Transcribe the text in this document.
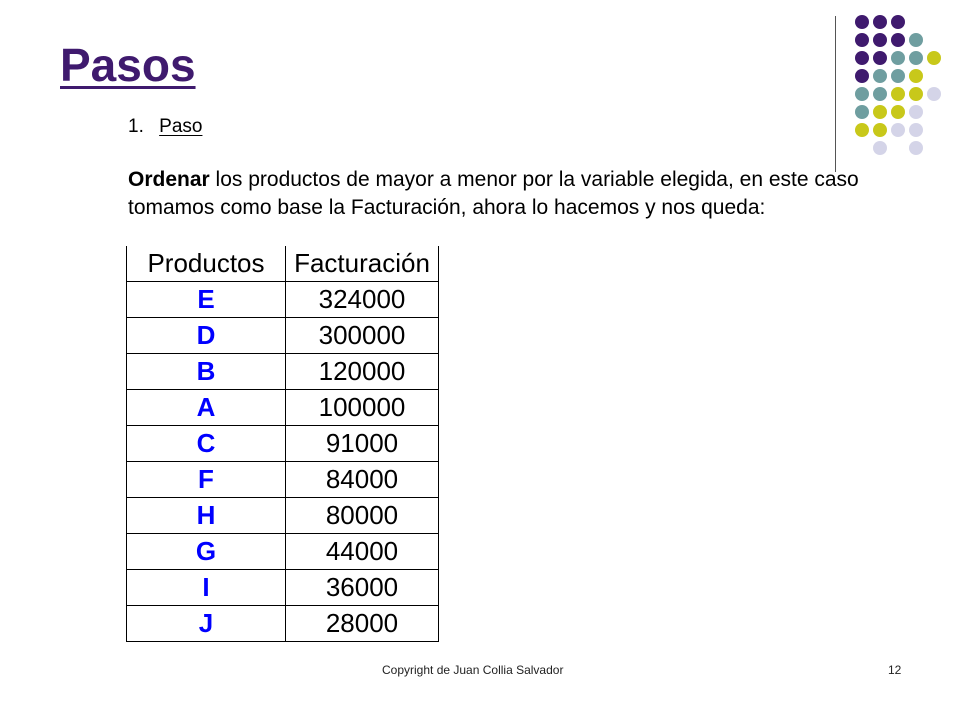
Pasos
1. Paso
Ordenar los productos de mayor a menor por la variable elegida, en este caso
tomamos como base la Facturación, ahora lo hacemos y nos queda:
Productos	Facturación
E	324000
D	300000
B	120000
A	100000
C	91000
F	84000
H	80000
G	44000
I	36000
J	28000
Copyright de Juan Collia Salvador	12
